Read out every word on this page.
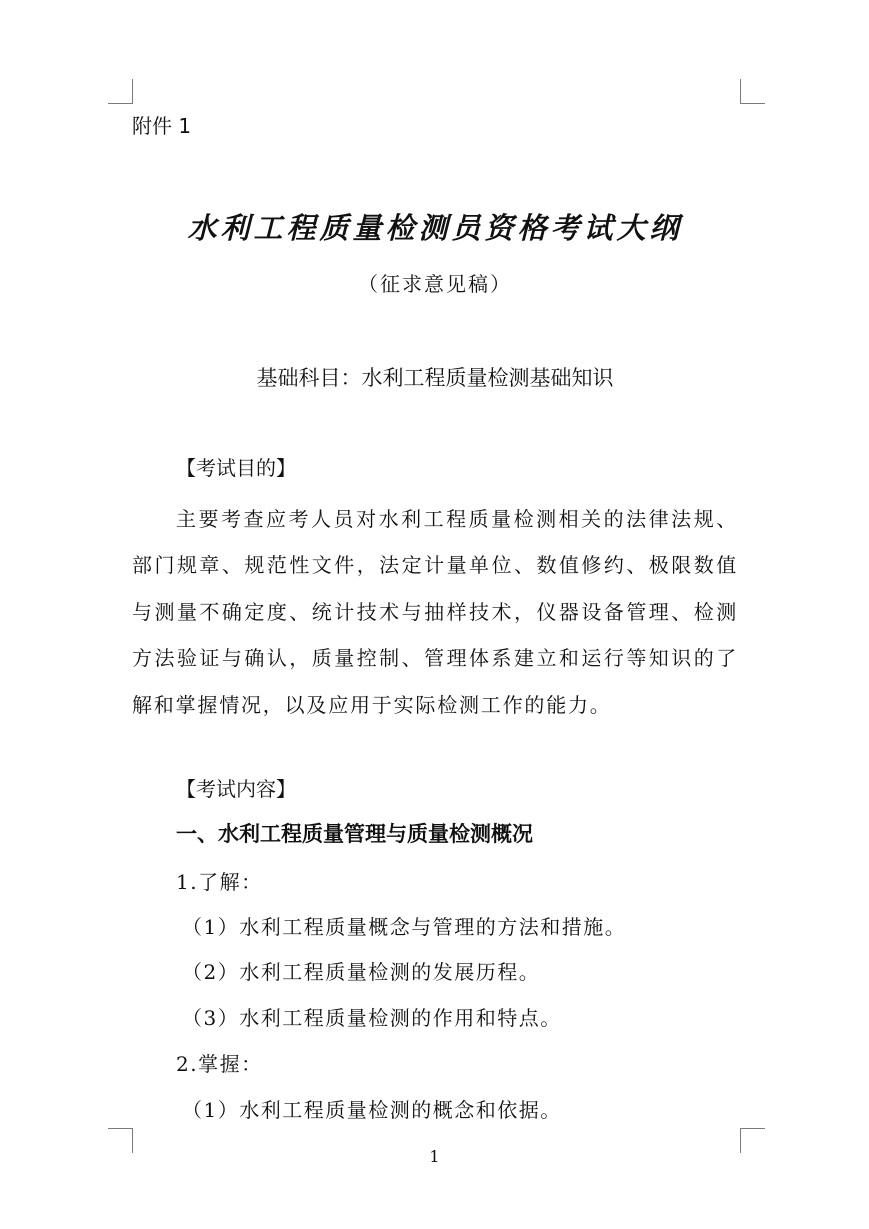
附件 1
水利工程质量检测员资格考试大纲
（征求意见稿）
基础科目：水利工程质量检测基础知识
【考试目的】

主要考查应考人员对水利工程质量检测相关的法律法规、部门规章、规范性文件，法定计量单位、数值修约、极限数值与测量不确定度、统计技术与抽样技术，仪器设备管理、检测方法验证与确认，质量控制、管理体系建立和运行等知识的了解和掌握情况，以及应用于实际检测工作的能力。

【考试内容】
一、水利工程质量管理与质量检测概况
1.了解：
（1）水利工程质量概念与管理的方法和措施。
（2）水利工程质量检测的发展历程。
（3）水利工程质量检测的作用和特点。
2.掌握：
（1）水利工程质量检测的概念和依据。
1
